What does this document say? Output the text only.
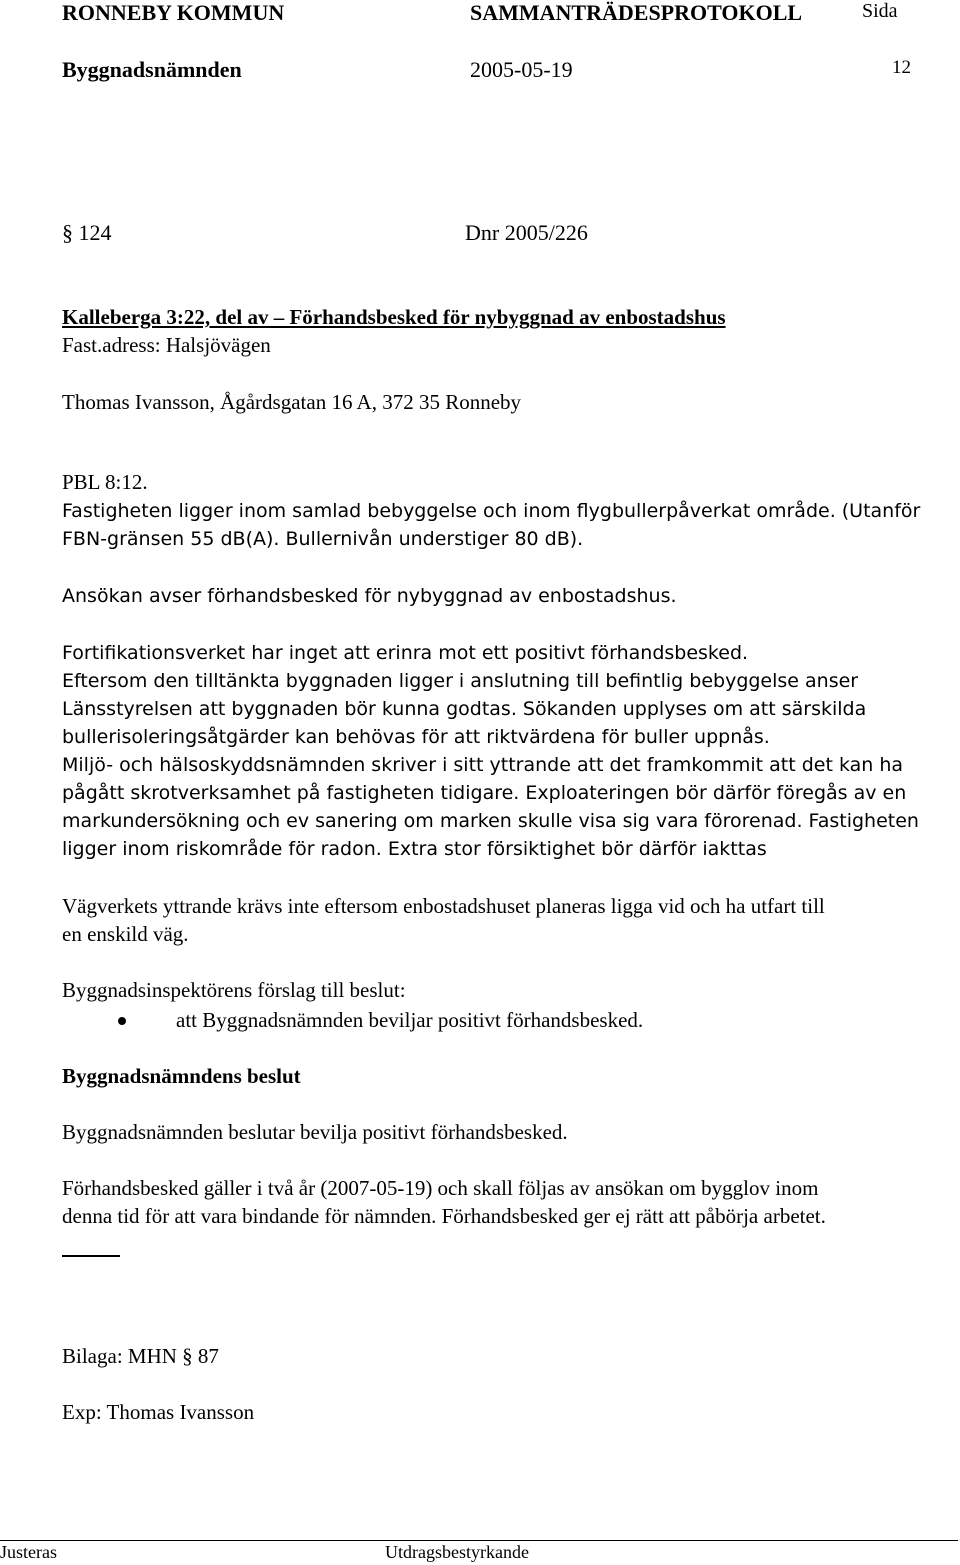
RONNEBY KOMMUN	SAMMANTRÄDESPROTOKOLL	Sida
Byggnadsnämnden	2005-05-19	12
§ 124	Dnr 2005/226
Kalleberga 3:22, del av – Förhandsbesked för nybyggnad av enbostadshus
Fast.adress: Halsjövägen
Thomas Ivansson, Ågårdsgatan 16 A, 372 35 Ronneby
PBL 8:12.
Fastigheten ligger inom samlad bebyggelse och inom flygbullerpåverkat område. (Utanför
FBN-gränsen 55 dB(A). Bullernivån understiger 80 dB).
Ansökan avser förhandsbesked för nybyggnad av enbostadshus.
Fortifikationsverket har inget att erinra mot ett positivt förhandsbesked.
Eftersom den tilltänkta byggnaden ligger i anslutning till befintlig bebyggelse anser
Länsstyrelsen att byggnaden bör kunna godtas. Sökanden upplyses om att särskilda
bullerisoleringsåtgärder kan behövas för att riktvärdena för buller uppnås.
Miljö- och hälsoskyddsnämnden skriver i sitt yttrande att det framkommit att det kan ha
pågått skrotverksamhet på fastigheten tidigare. Exploateringen bör därför föregås av en
markundersökning och ev sanering om marken skulle visa sig vara förorenad. Fastigheten
ligger inom riskområde för radon. Extra stor försiktighet bör därför iakttas
Vägverkets yttrande krävs inte eftersom enbostadshuset planeras ligga vid och ha utfart till
en enskild väg.
Byggnadsinspektörens förslag till beslut:
att Byggnadsnämnden beviljar positivt förhandsbesked.
Byggnadsnämndens beslut
Byggnadsnämnden beslutar bevilja positivt förhandsbesked.
Förhandsbesked gäller i två år (2007-05-19) och skall följas av ansökan om bygglov inom
denna tid för att vara bindande för nämnden. Förhandsbesked ger ej rätt att påbörja arbetet.
Bilaga: MHN § 87
Exp: Thomas Ivansson
Justeras	Utdragsbestyrkande
